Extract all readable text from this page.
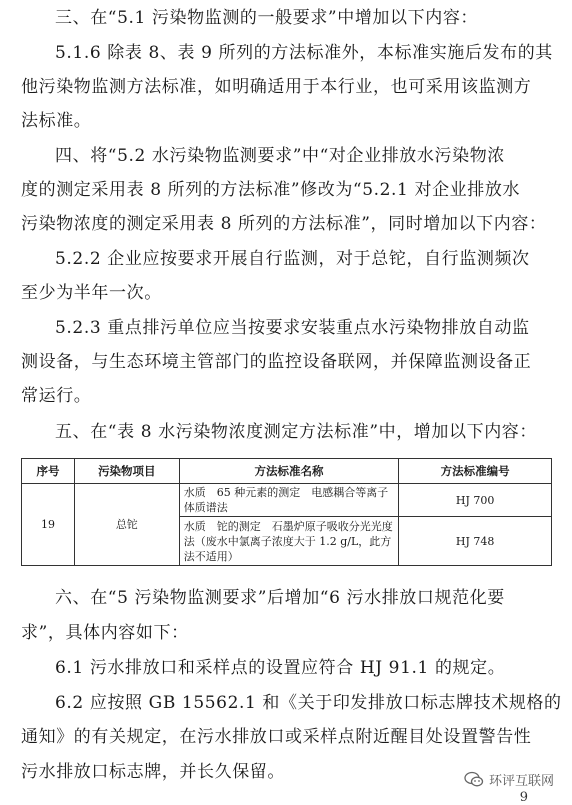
三、在“5.1 污染物监测的一般要求”中增加以下内容：
5.1.6 除表 8、表 9 所列的方法标准外，本标准实施后发布的其
他污染物监测方法标准，如明确适用于本行业，也可采用该监测方
法标准。
四、将“5.2 水污染物监测要求”中“对企业排放水污染物浓
度的测定采用表 8 所列的方法标准”修改为“5.2.1 对企业排放水
污染物浓度的测定采用表 8 所列的方法标准”，同时增加以下内容：
5.2.2 企业应按要求开展自行监测，对于总铊，自行监测频次
至少为半年一次。
5.2.3 重点排污单位应当按要求安装重点水污染物排放自动监
测设备，与生态环境主管部门的监控设备联网，并保障监测设备正
常运行。
五、在“表 8 水污染物浓度测定方法标准”中，增加以下内容：
序号	污染物项目	方法标准名称	方法标准编号
19	总铊	水质　65 种元素的测定　电感耦合等离子体质谱法	HJ 700
		水质　铊的测定　石墨炉原子吸收分光光度法（废水中氯离子浓度大于 1.2 g/L，此方法不适用）	HJ 748
六、在“5 污染物监测要求”后增加“6 污水排放口规范化要
求”，具体内容如下：
6.1 污水排放口和采样点的设置应符合 HJ 91.1 的规定。
6.2 应按照 GB 15562.1 和《关于印发排放口标志牌技术规格的
通知》的有关规定，在污水排放口或采样点附近醒目处设置警告性
污水排放口标志牌，并长久保留。	环评互联网
9
